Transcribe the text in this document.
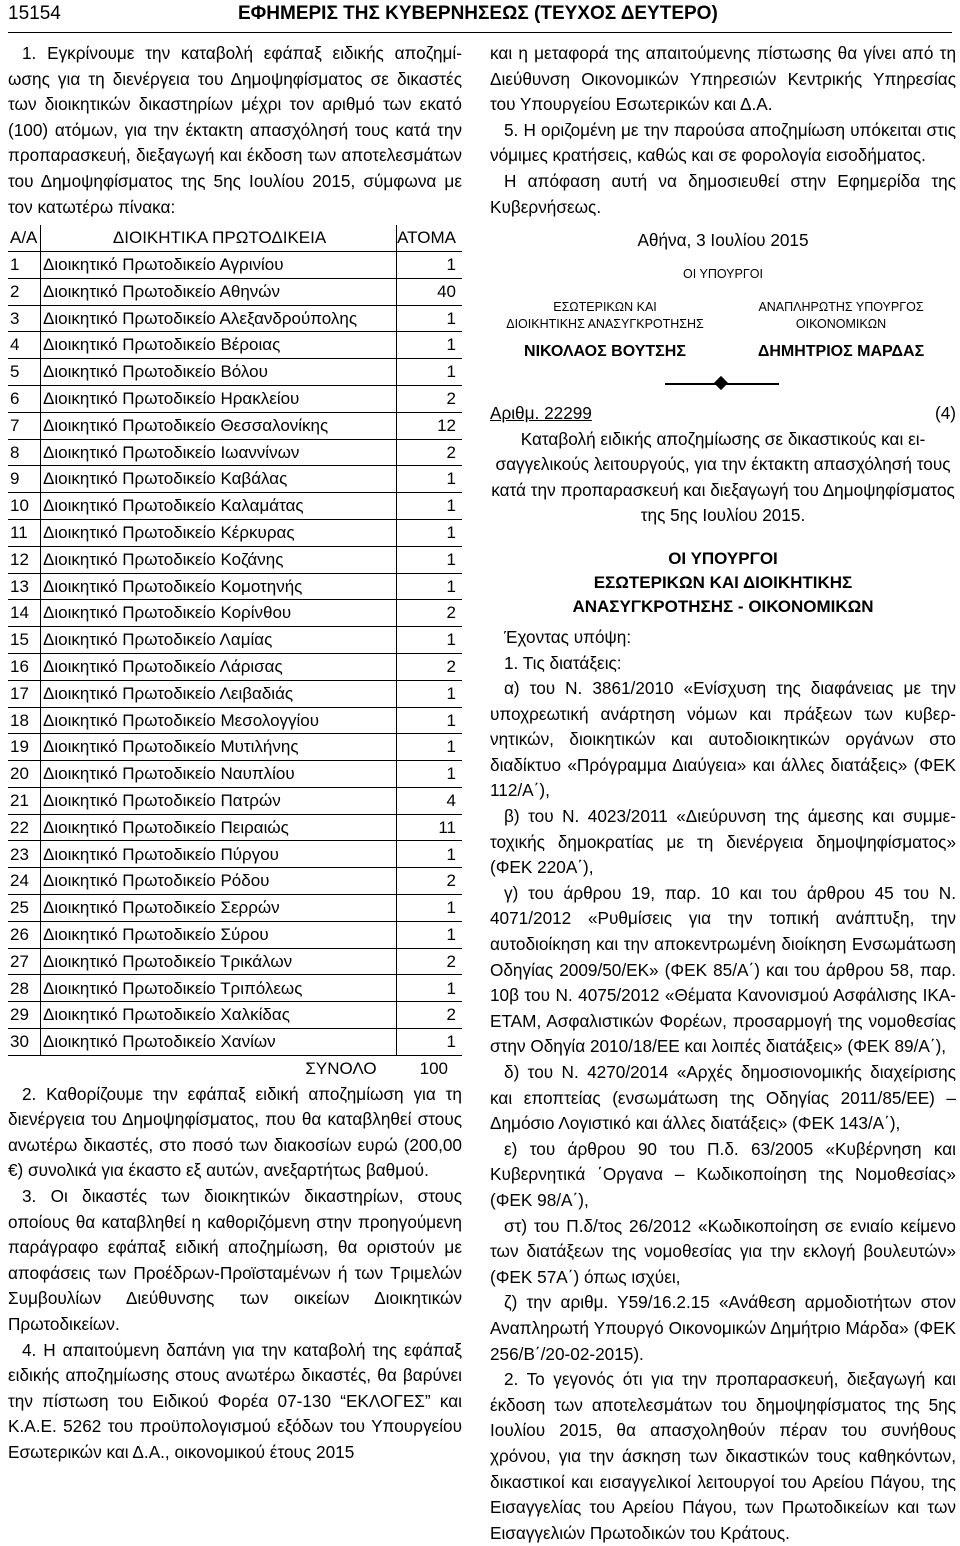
15154	ΕΦΗΜΕΡΙΣ ΤΗΣ ΚΥΒΕΡΝΗΣΕΩΣ (ΤΕΥΧΟΣ ΔΕΥΤΕΡΟ)

1. Εγκρίνουμε την καταβολή εφάπαξ ειδικής αποζημίωσης για τη διενέργεια του Δημοψηφίσματος σε δικαστές των διοικητικών δικαστηρίων μέχρι τον αριθμό των εκατό (100) ατόμων, για την έκτακτη απασχόλησή τους κατά την προπαρασκευή, διεξαγωγή και έκδοση των αποτελεσμάτων του Δημοψηφίσματος της 5ης Ιουλίου 2015, σύμφωνα με τον κατωτέρω πίνακα:

Α/Α	ΔΙΟΙΚΗΤΙΚΑ ΠΡΩΤΟΔΙΚΕΙΑ	ΑΤΟΜΑ
1	Διοικητικό Πρωτοδικείο Αγρινίου	1
2	Διοικητικό Πρωτοδικείο Αθηνών	40
3	Διοικητικό Πρωτοδικείο Αλεξανδρούπολης	1
4	Διοικητικό Πρωτοδικείο Βέροιας	1
5	Διοικητικό Πρωτοδικείο Βόλου	1
6	Διοικητικό Πρωτοδικείο Ηρακλείου	2
7	Διοικητικό Πρωτοδικείο Θεσσαλονίκης	12
8	Διοικητικό Πρωτοδικείο Ιωαννίνων	2
9	Διοικητικό Πρωτοδικείο Καβάλας	1
10	Διοικητικό Πρωτοδικείο Καλαμάτας	1
11	Διοικητικό Πρωτοδικείο Κέρκυρας	1
12	Διοικητικό Πρωτοδικείο Κοζάνης	1
13	Διοικητικό Πρωτοδικείο Κομοτηνής	1
14	Διοικητικό Πρωτοδικείο Κορίνθου	2
15	Διοικητικό Πρωτοδικείο Λαμίας	1
16	Διοικητικό Πρωτοδικείο Λάρισας	2
17	Διοικητικό Πρωτοδικείο Λειβαδιάς	1
18	Διοικητικό Πρωτοδικείο Μεσολογγίου	1
19	Διοικητικό Πρωτοδικείο Μυτιλήνης	1
20	Διοικητικό Πρωτοδικείο Ναυπλίου	1
21	Διοικητικό Πρωτοδικείο Πατρών	4
22	Διοικητικό Πρωτοδικείο Πειραιώς	11
23	Διοικητικό Πρωτοδικείο Πύργου	1
24	Διοικητικό Πρωτοδικείο Ρόδου	2
25	Διοικητικό Πρωτοδικείο Σερρών	1
26	Διοικητικό Πρωτοδικείο Σύρου	1
27	Διοικητικό Πρωτοδικείο Τρικάλων	2
28	Διοικητικό Πρωτοδικείο Τριπόλεως	1
29	Διοικητικό Πρωτοδικείο Χαλκίδας	2
30	Διοικητικό Πρωτοδικείο Χανίων	1
	ΣΥΝΟΛΟ	100

2. Καθορίζουμε την εφάπαξ ειδική αποζημίωση για τη διενέργεια του Δημοψηφίσματος, που θα καταβληθεί στους ανωτέρω δικαστές, στο ποσό των διακοσίων ευρώ (200,00 €) συνολικά για έκαστο εξ αυτών, ανεξαρτήτως βαθμού.

3. Οι δικαστές των διοικητικών δικαστηρίων, στους οποίους θα καταβληθεί η καθοριζόμενη στην προηγούμενη παράγραφο εφάπαξ ειδική αποζημίωση, θα οριστούν με αποφάσεις των Προέδρων-Προϊσταμένων ή των Τριμελών Συμβουλίων Διεύθυνσης των οικείων Διοικητικών Πρωτοδικείων.

4. Η απαιτούμενη δαπάνη για την καταβολή της εφάπαξ ειδικής αποζημίωσης στους ανωτέρω δικαστές, θα βαρύνει την πίστωση του Ειδικού Φορέα 07-130 “ΕΚΛΟΓΕΣ” και Κ.Α.Ε. 5262 του προϋπολογισμού εξόδων του Υπουργείου Εσωτερικών και Δ.Α., οικονομικού έτους 2015

και η μεταφορά της απαιτούμενης πίστωσης θα γίνει από τη Διεύθυνση Οικονομικών Υπηρεσιών Κεντρικής Υπηρεσίας του Υπουργείου Εσωτερικών και Δ.Α.

5. Η οριζομένη με την παρούσα αποζημίωση υπόκειται στις νόμιμες κρατήσεις, καθώς και σε φορολογία εισοδήματος.

Η απόφαση αυτή να δημοσιευθεί στην Εφημερίδα της Κυβερνήσεως.

Αθήνα, 3 Ιουλίου 2015
ΟΙ ΥΠΟΥΡΓΟΙ
ΕΣΩΤΕΡΙΚΩΝ ΚΑΙ
ΔΙΟΙΚΗΤΙΚΗΣ ΑΝΑΣΥΓΚΡΟΤΗΣΗΣ
ΑΝΑΠΛΗΡΩΤΗΣ ΥΠΟΥΡΓΟΣ
ΟΙΚΟΝΟΜΙΚΩΝ
ΝΙΚΟΛΑΟΣ ΒΟΥΤΣΗΣ	ΔΗΜΗΤΡΙΟΣ ΜΑΡΔΑΣ
Αριθμ. 22299	(4)
Καταβολή ειδικής αποζημίωσης σε δικαστικούς και εισαγγελικούς λειτουργούς, για την έκτακτη απασχόλησή τους κατά την προπαρασκευή και διεξαγωγή του Δημοψηφίσματος της 5ης Ιουλίου 2015.
ΟΙ ΥΠΟΥΡΓΟΙ
ΕΣΩΤΕΡΙΚΩΝ ΚΑΙ ΔΙΟΙΚΗΤΙΚΗΣ
ΑΝΑΣΥΓΚΡΟΤΗΣΗΣ - ΟΙΚΟΝΟΜΙΚΩΝ

Έχοντας υπόψη:

1. Τις διατάξεις:

α) του Ν. 3861/2010 «Ενίσχυση της διαφάνειας με την υποχρεωτική ανάρτηση νόμων και πράξεων των κυβερνητικών, διοικητικών και αυτοδιοικητικών οργάνων στο διαδίκτυο «Πρόγραμμα Διαύγεια» και άλλες διατάξεις» (ΦΕΚ 112/Α΄),

β) του Ν. 4023/2011 «Διεύρυνση της άμεσης και συμμετοχικής δημοκρατίας με τη διενέργεια δημοψηφίσματος» (ΦΕΚ 220Α΄),

γ) του άρθρου 19, παρ. 10 και του άρθρου 45 του Ν. 4071/2012 «Ρυθμίσεις για την τοπική ανάπτυξη, την αυτοδιοίκηση και την αποκεντρωμένη διοίκηση Ενσωμάτωση Οδηγίας 2009/50/ΕΚ» (ΦΕΚ 85/Α΄) και του άρθρου 58, παρ. 10β του Ν. 4075/2012 «Θέματα Κανονισμού Ασφάλισης ΙΚΑ-ΕΤΑΜ, Ασφαλιστικών Φορέων, προσαρμογή της νομοθεσίας στην Οδηγία 2010/18/ΕΕ και λοιπές διατάξεις» (ΦΕΚ 89/Α΄),

δ) του Ν. 4270/2014 «Αρχές δημοσιονομικής διαχείρισης και εποπτείας (ενσωμάτωση της Οδηγίας 2011/85/ΕΕ) – Δημόσιο Λογιστικό και άλλες διατάξεις» (ΦΕΚ 143/Α΄),

ε) του άρθρου 90 του Π.δ. 63/2005 «Κυβέρνηση και Κυβερνητικά ΄Οργανα – Κωδικοποίηση της Νομοθεσίας» (ΦΕΚ 98/Α΄),

στ) του Π.δ/τος 26/2012 «Κωδικοποίηση σε ενιαίο κείμενο των διατάξεων της νομοθεσίας για την εκλογή βουλευτών» (ΦΕΚ 57Α΄) όπως ισχύει,

ζ) την αριθμ. Υ59/16.2.15 «Ανάθεση αρμοδιοτήτων στον Αναπληρωτή Υπουργό Οικονομικών Δημήτριο Μάρδα» (ΦΕΚ 256/Β΄/20-02-2015).

2. Το γεγονός ότι για την προπαρασκευή, διεξαγωγή και έκδοση των αποτελεσμάτων του δημοψηφίσματος της 5ης Ιουλίου 2015, θα απασχοληθούν πέραν του συνήθους χρόνου, για την άσκηση των δικαστικών τους καθηκόντων, δικαστικοί και εισαγγελικοί λειτουργοί του Αρείου Πάγου, της Εισαγγελίας του Αρείου Πάγου, των Πρωτοδικείων και των Εισαγγελιών Πρωτοδικών του Κράτους.
